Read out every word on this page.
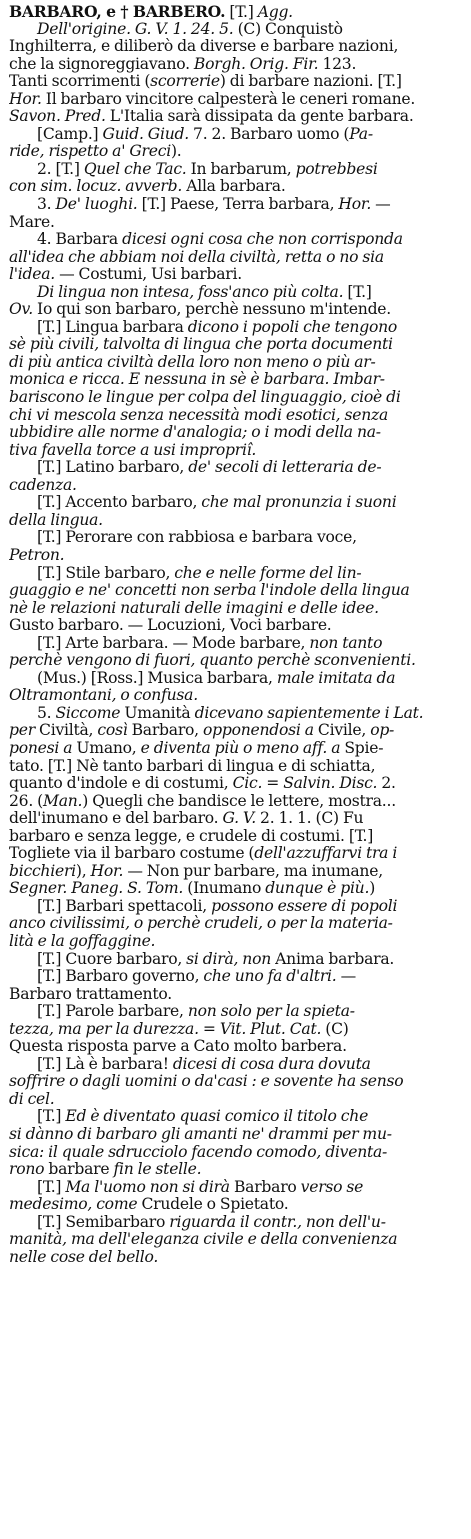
BARBARO, e † BARBERO. [T.] Agg.
Dell'origine. G. V. 1. 24. 5. (C) Conquistò
Inghilterra, e diliberò da diverse e barbare nazioni,
che la signoreggiavano. Borgh. Orig. Fir. 123.
Tanti scorrimenti (scorrerie) di barbare nazioni. [T.]
Hor. Il barbaro vincitore calpesterà le ceneri romane.
Savon. Pred. L'Italia sarà dissipata da gente barbara.
[Camp.] Guid. Giud. 7. 2. Barbaro uomo (Pa-
ride, rispetto a' Greci).
2. [T.] Quel che Tac. In barbarum, potrebbesi
con sim. locuz. avverb. Alla barbara.
3. De' luoghi. [T.] Paese, Terra barbara, Hor. —
Mare.
4. Barbara dicesi ogni cosa che non corrisponda
all'idea che abbiam noi della civiltà, retta o no sia
l'idea. — Costumi, Usi barbari.
Di lingua non intesa, foss'anco più colta. [T.]
Ov. Io qui son barbaro, perchè nessuno m'intende.
[T.] Lingua barbara dicono i popoli che tengono
sè più civili, talvolta di lingua che porta documenti
di più antica civiltà della loro non meno o più ar-
monica e ricca. E nessuna in sè è barbara. Imbar-
bariscono le lingue per colpa del linguaggio, cioè di
chi vi mescola senza necessità modi esotici, senza
ubbidire alle norme d'analogia; o i modi della na-
tiva favella torce a usi impropriî.
[T.] Latino barbaro, de' secoli di letteraria de-
cadenza.
[T.] Accento barbaro, che mal pronunzia i suoni
della lingua.
[T.] Perorare con rabbiosa e barbara voce,
Petron.
[T.] Stile barbaro, che e nelle forme del lin-
guaggio e ne' concetti non serba l'indole della lingua
nè le relazioni naturali delle imagini e delle idee.
Gusto barbaro. — Locuzioni, Voci barbare.
[T.] Arte barbara. — Mode barbare, non tanto
perchè vengono di fuori, quanto perchè sconvenienti.
(Mus.) [Ross.] Musica barbara, male imitata da
Oltramontani, o confusa.
5. Siccome Umanità dicevano sapientemente i Lat.
per Civiltà, così Barbaro, opponendosi a Civile, op-
ponesi a Umano, e diventa più o meno aff. a Spie-
tato. [T.] Nè tanto barbari di lingua e di schiatta,
quanto d'indole e di costumi, Cic. = Salvin. Disc. 2.
26. (Man.) Quegli che bandisce le lettere, mostra...
dell'inumano e del barbaro. G. V. 2. 1. 1. (C) Fu
barbaro e senza legge, e crudele di costumi. [T.]
Togliete via il barbaro costume (dell'azzuffarvi tra i
bicchieri), Hor. — Non pur barbare, ma inumane,
Segner. Paneg. S. Tom. (Inumano dunque è più.)
[T.] Barbari spettacoli, possono essere di popoli
anco civilissimi, o perchè crudeli, o per la materia-
lità e la goffaggine.
[T.] Cuore barbaro, si dirà, non Anima barbara.
[T.] Barbaro governo, che uno fa d'altri. —
Barbaro trattamento.
[T.] Parole barbare, non solo per la spieta-
tezza, ma per la durezza. = Vit. Plut. Cat. (C)
Questa risposta parve a Cato molto barbera.
[T.] Là è barbara! dicesi di cosa dura dovuta
soffrire o dagli uomini o da'casi : e sovente ha senso
di cel.
[T.] Ed è diventato quasi comico il titolo che
si dànno di barbaro gli amanti ne' drammi per mu-
sica: il quale sdrucciolo facendo comodo, diventa-
rono barbare fin le stelle.
[T.] Ma l'uomo non si dirà Barbaro verso se
medesimo, come Crudele o Spietato.
[T.] Semibarbaro riguarda il contr., non dell'u-
manità, ma dell'eleganza civile e della convenienza
nelle cose del bello.
